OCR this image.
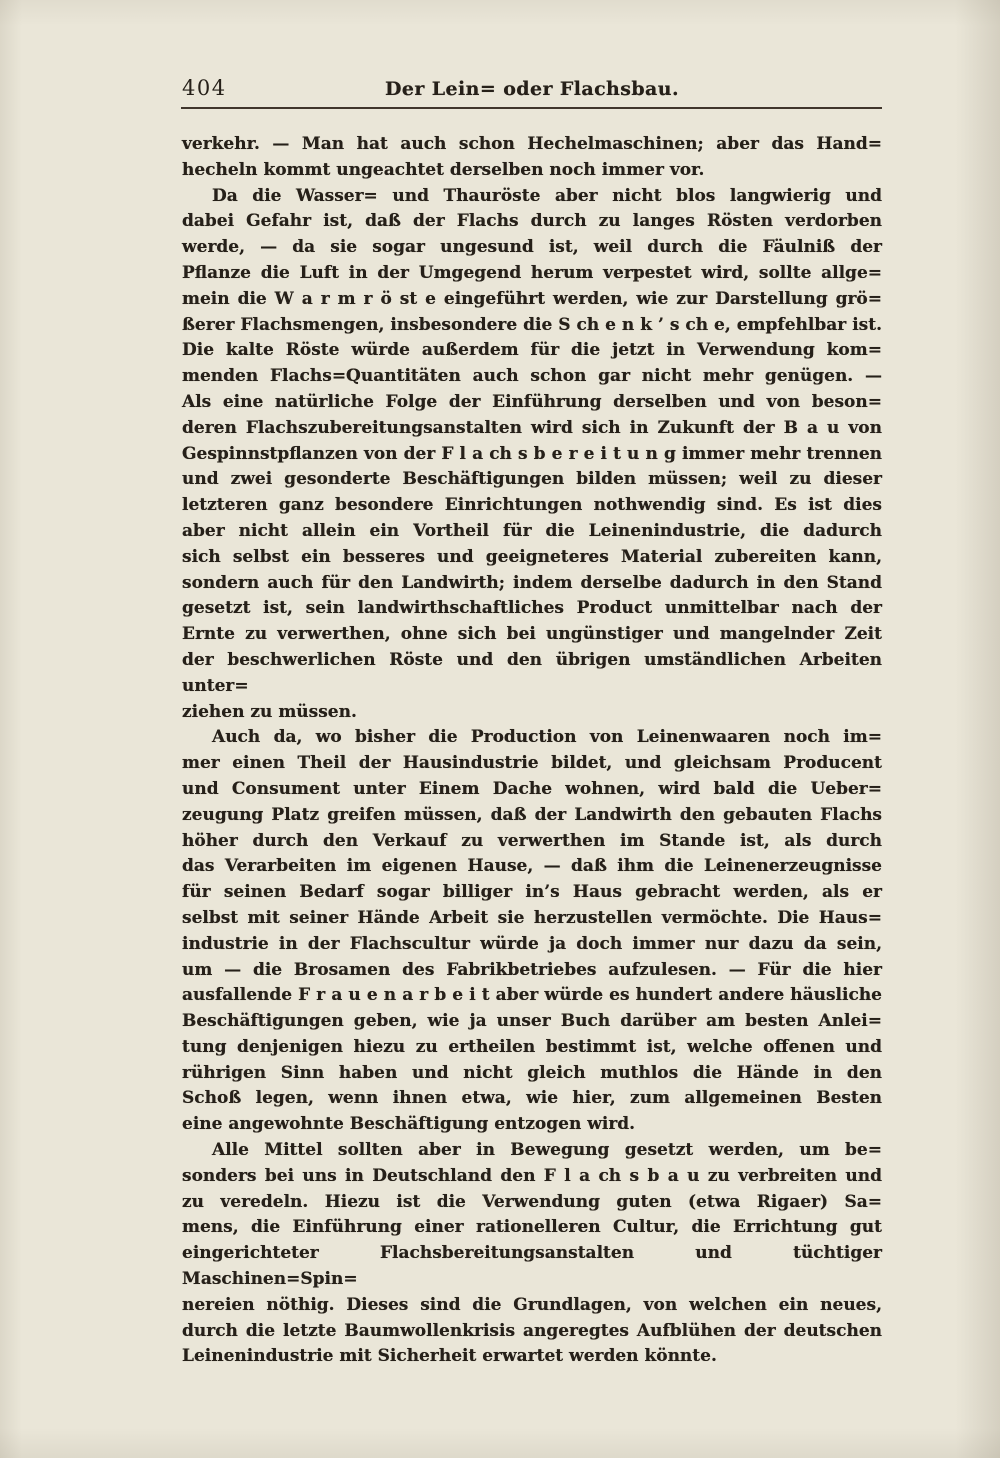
404	Der Lein= oder Flachsbau.
verkehr. — Man hat auch schon Hechelmaschinen; aber das Hand=
hecheln kommt ungeachtet derselben noch immer vor.
Da die Wasser= und Thauröste aber nicht blos langwierig und
dabei Gefahr ist, daß der Flachs durch zu langes Rösten verdorben
werde, — da sie sogar ungesund ist, weil durch die Fäulniß der
Pflanze die Luft in der Umgegend herum verpestet wird, sollte allge=
mein die W a r m r ö st e eingeführt werden, wie zur Darstellung grö=
ßerer Flachsmengen, insbesondere die S ch e n k ’ s ch e, empfehlbar ist.
Die kalte Röste würde außerdem für die jetzt in Verwendung kom=
menden Flachs=Quantitäten auch schon gar nicht mehr genügen. —
Als eine natürliche Folge der Einführung derselben und von beson=
deren Flachszubereitungsanstalten wird sich in Zukunft der B a u von
Gespinnstpflanzen von der F l a ch s b e r e i t u n g immer mehr trennen
und zwei gesonderte Beschäftigungen bilden müssen; weil zu dieser
letzteren ganz besondere Einrichtungen nothwendig sind. Es ist dies
aber nicht allein ein Vortheil für die Leinenindustrie, die dadurch
sich selbst ein besseres und geeigneteres Material zubereiten kann,
sondern auch für den Landwirth; indem derselbe dadurch in den Stand
gesetzt ist, sein landwirthschaftliches Product unmittelbar nach der
Ernte zu verwerthen, ohne sich bei ungünstiger und mangelnder Zeit
der beschwerlichen Röste und den übrigen umständlichen Arbeiten unter=
ziehen zu müssen.
Auch da, wo bisher die Production von Leinenwaaren noch im=
mer einen Theil der Hausindustrie bildet, und gleichsam Producent
und Consument unter Einem Dache wohnen, wird bald die Ueber=
zeugung Platz greifen müssen, daß der Landwirth den gebauten Flachs
höher durch den Verkauf zu verwerthen im Stande ist, als durch
das Verarbeiten im eigenen Hause, — daß ihm die Leinenerzeugnisse
für seinen Bedarf sogar billiger in’s Haus gebracht werden, als er
selbst mit seiner Hände Arbeit sie herzustellen vermöchte. Die Haus=
industrie in der Flachscultur würde ja doch immer nur dazu da sein,
um — die Brosamen des Fabrikbetriebes aufzulesen. — Für die hier
ausfallende F r a u e n a r b e i t aber würde es hundert andere häusliche
Beschäftigungen geben, wie ja unser Buch darüber am besten Anlei=
tung denjenigen hiezu zu ertheilen bestimmt ist, welche offenen und
rührigen Sinn haben und nicht gleich muthlos die Hände in den
Schoß legen, wenn ihnen etwa, wie hier, zum allgemeinen Besten
eine angewohnte Beschäftigung entzogen wird.
Alle Mittel sollten aber in Bewegung gesetzt werden, um be=
sonders bei uns in Deutschland den F l a ch s b a u zu verbreiten und
zu veredeln. Hiezu ist die Verwendung guten (etwa Rigaer) Sa=
mens, die Einführung einer rationelleren Cultur, die Errichtung gut
eingerichteter Flachsbereitungsanstalten und tüchtiger Maschinen=Spin=
nereien nöthig. Dieses sind die Grundlagen, von welchen ein neues,
durch die letzte Baumwollenkrisis angeregtes Aufblühen der deutschen
Leinenindustrie mit Sicherheit erwartet werden könnte.
